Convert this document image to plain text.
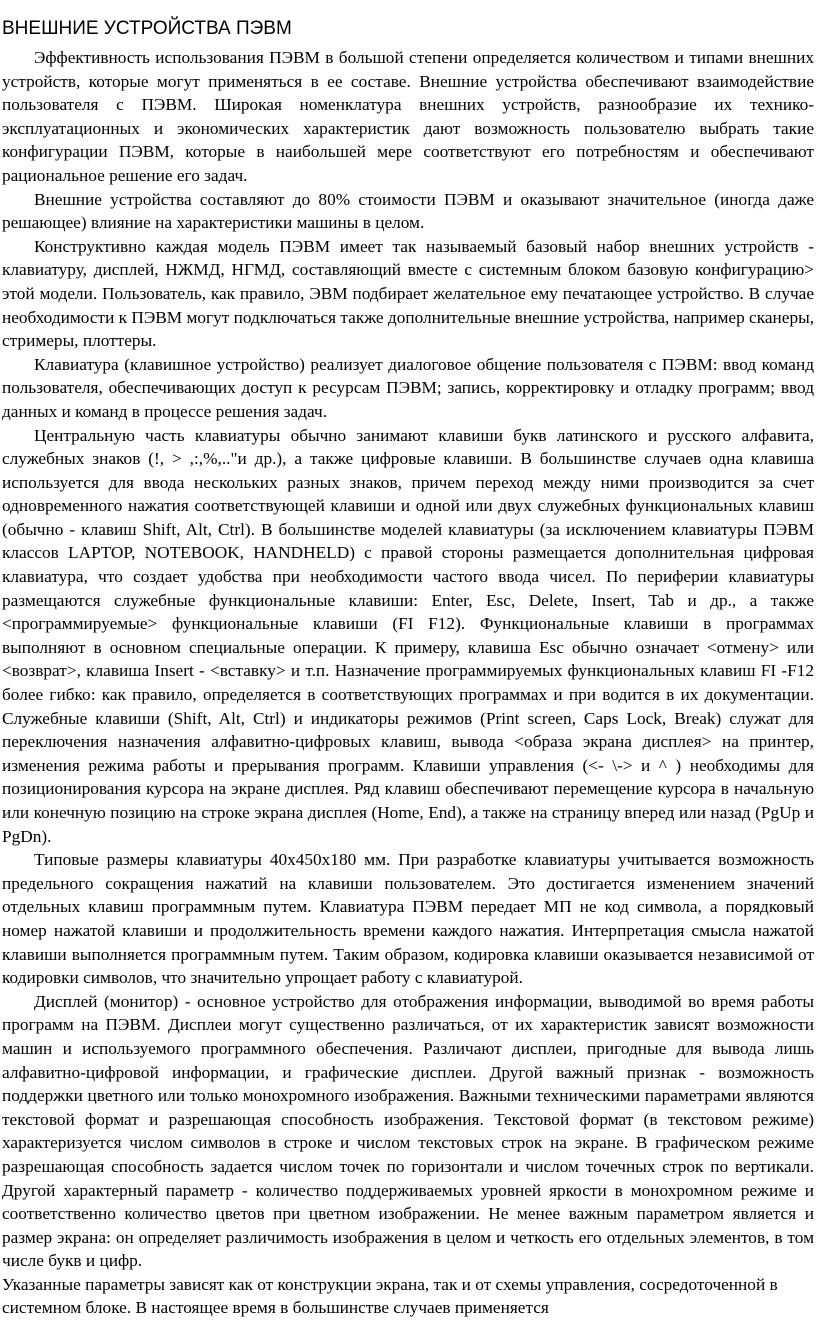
ВНЕШНИЕ УСТРОЙСТВА ПЭВМ

Эффективность использования ПЭВМ в большой степени определяется количеством и типами внешних устройств, которые могут применяться в ее составе. Внешние устройства обеспечивают взаимодействие пользователя с ПЭВМ. Широкая номенклатура внешних устройств, разнообразие их технико-эксплуатационных и экономических характеристик дают возможность пользователю выбрать такие конфигурации ПЭВМ, которые в наибольшей мере соответствуют его потребностям и обеспечивают рациональное решение его задач.

Внешние устройства составляют до 80% стоимости ПЭВМ и оказывают значительное (иногда даже решающее) влияние на характеристики машины в целом.

Конструктивно каждая модель ПЭВМ имеет так называемый базовый набор внешних устройств - клавиатуру, дисплей, НЖМД, НГМД, составляющий вместе с системным блоком базовую конфигурацию> этой модели. Пользователь, как правило, ЭВМ подбирает желательное ему печатающее устройство. В случае необходимости к ПЭВМ могут подключаться также дополнительные внешние устройства, например сканеры, стримеры, плоттеры.

Клавиатура (клавишное устройство) реализует диалоговое общение пользователя с ПЭВМ: ввод команд пользователя, обеспечивающих доступ к ресурсам ПЭВМ; запись, корректировку и отладку программ; ввод данных и команд в процессе решения задач.

Центральную часть клавиатуры обычно занимают клавиши букв латинского и русского алфавита, служебных знаков (!, > ,:,%,.."и др.), а также цифровые клавиши. В большинстве случаев одна клавиша используется для ввода нескольких разных знаков, причем переход между ними производится за счет одновременного нажатия соответствующей клавиши и одной или двух служебных функциональных клавиш (обычно - клавиш Shift, Alt, Ctrl). В большинстве моделей клавиатуры (за исключением клавиатуры ПЭВМ классов LAPTOP, NOTEBOOK, HANDHELD) с правой стороны размещается дополнительная цифровая клавиатура, что создает удобства при необходимости частого ввода чисел. По периферии клавиатуры размещаются служебные функциональные клавиши: Enter, Esc, Delete, Insert, Tab и др., а также <программируемые> функциональные клавиши (FI F12). Функциональные клавиши в программах выполняют в основном специальные операции. К примеру, клавиша Esc обычно означает <отмену> или <возврат>, клавиша Insert - <вставку> и т.п. Назначение программируемых функциональных клавиш FI -F12 более гибко: как правило, определяется в соответствующих программах и при водится в их документации. Служебные клавиши (Shift, Alt, Ctrl) и индикаторы режимов (Print screen, Caps Lock, Break) служат для переключения назначения алфавитно-цифровых клавиш, вывода <образа экрана дисплея> на принтер, изменения режима работы и прерывания программ. Клавиши управления (<- \-> и ^ ) необходимы для позиционирования курсора на экране дисплея. Ряд клавиш обеспечивают перемещение курсора в начальную или конечную позицию на строке экрана дисплея (Home, End), а также на страницу вперед или назад (PgUp и PgDn).

Типовые размеры клавиатуры 40x450x180 мм. При разработке клавиатуры учитывается возможность предельного сокращения нажатий на клавиши пользователем. Это достигается изменением значений отдельных клавиш программным путем. Клавиатура ПЭВМ передает МП не код символа, а порядковый номер нажатой клавиши и продолжительность времени каждого нажатия. Интерпретация смысла нажатой клавиши выполняется программным путем. Таким образом, кодировка клавиши оказывается независимой от кодировки символов, что значительно упрощает работу с клавиатурой.

Дисплей (монитор) - основное устройство для отображения информации, выводимой во время работы программ на ПЭВМ. Дисплеи могут существенно различаться, от их характеристик зависят возможности машин и используемого программного обеспечения. Различают дисплеи, пригодные для вывода лишь алфавитно-цифровой информации, и графические дисплеи. Другой важный признак - возможность поддержки цветного или только монохромного изображения. Важными техническими параметрами являются текстовой формат и разрешающая способность изображения. Текстовой формат (в текстовом режиме) характеризуется числом символов в строке и числом текстовых строк на экране. В графическом режиме разрешающая способность задается числом точек по горизонтали и числом точечных строк по вертикали. Другой характерный параметр - количество поддерживаемых уровней яркости в монохромном режиме и соответственно количество цветов при цветном изображении. Не менее важным параметром является и размер экрана: он определяет различимость изображения в целом и четкость его отдельных элементов, в том числе букв и цифр.

Указанные параметры зависят как от конструкции экрана, так и от схемы управления, сосредоточенной в системном блоке. В настоящее время в большинстве случаев применяется
